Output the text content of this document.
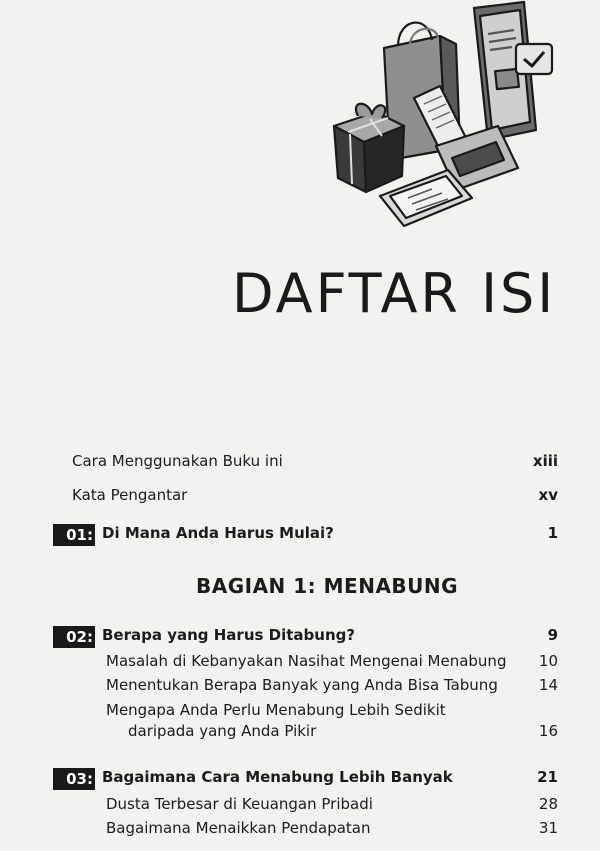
DAFTAR ISI
Cara Menggunakan Buku ini	xiii
Kata Pengantar	xv
01: Di Mana Anda Harus Mulai?	1
BAGIAN 1: MENABUNG
02: Berapa yang Harus Ditabung?	9
Masalah di Kebanyakan Nasihat Mengenai Menabung 10
Menentukan Berapa Banyak yang Anda Bisa Tabung	14
Mengapa Anda Perlu Menabung Lebih Sedikit
daripada yang Anda Pikir	16
03: Bagaimana Cara Menabung Lebih Banyak	21
Dusta Terbesar di Keuangan Pribadi	28
Bagaimana Menaikkan Pendapatan	31
